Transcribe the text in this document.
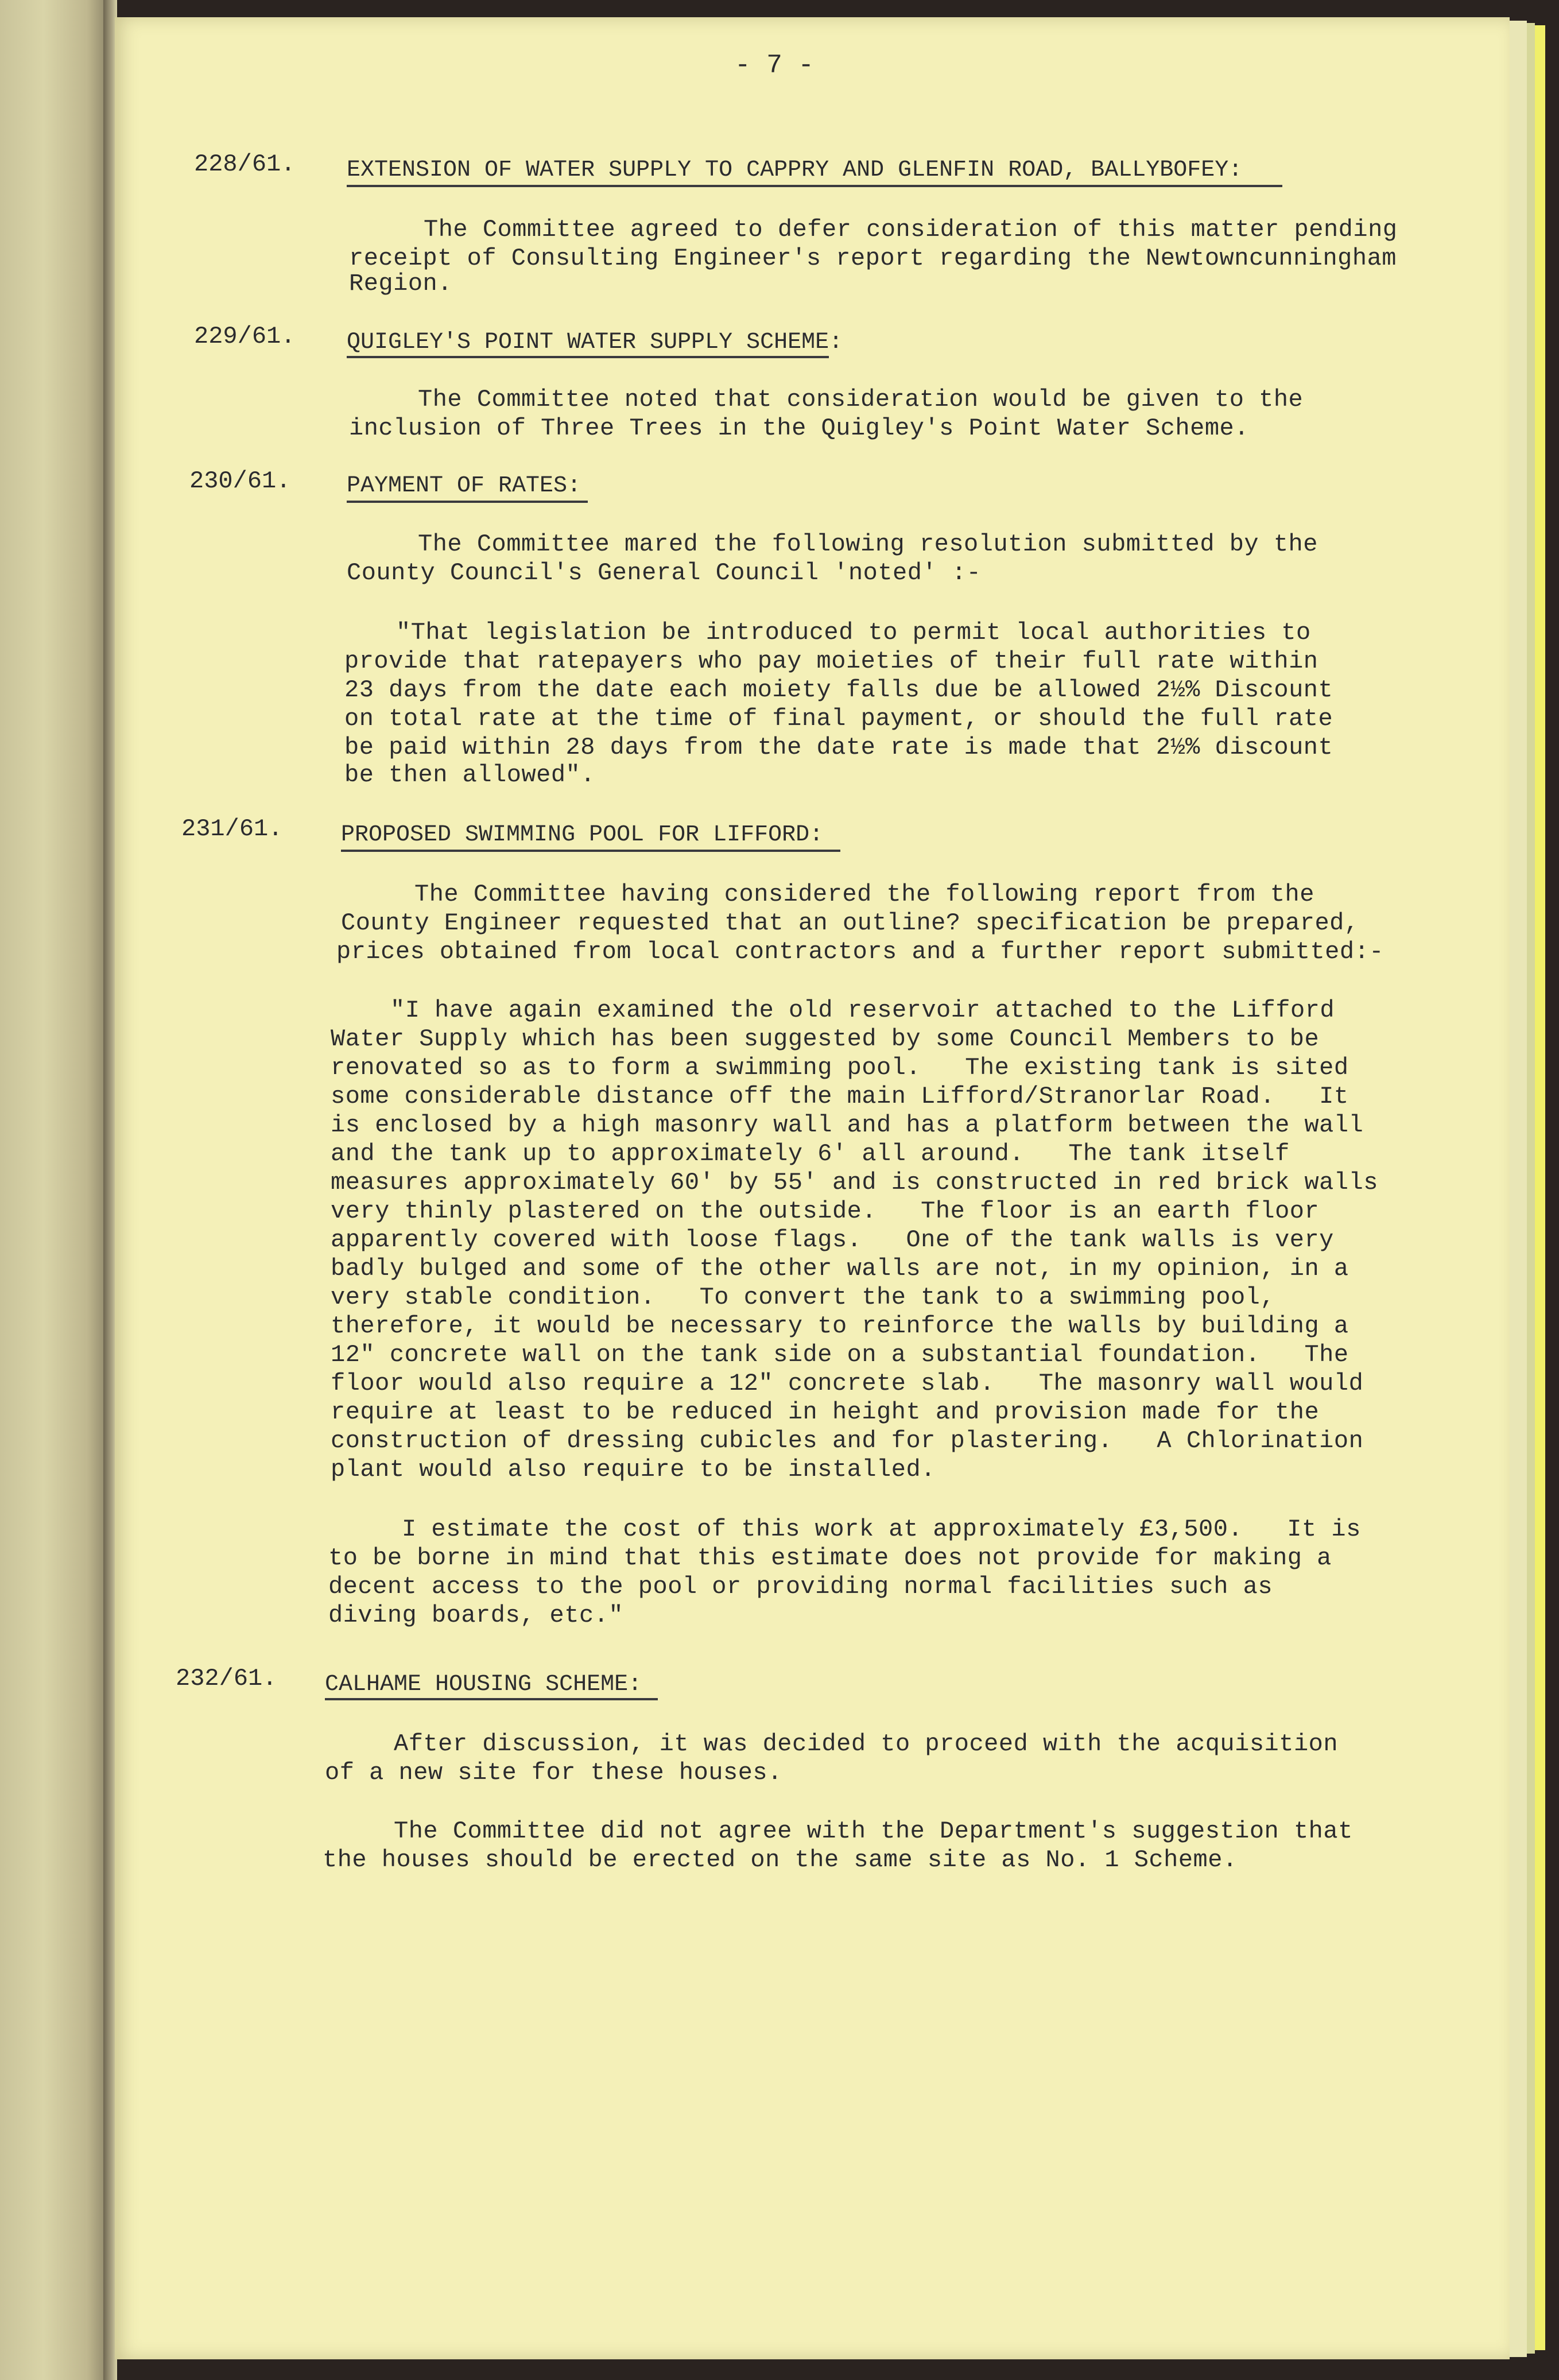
- 7 -
228/61. EXTENSION OF WATER SUPPLY TO CAPPRY AND GLENFIN ROAD, BALLYBOFEY:
The Committee agreed to defer consideration of this matter pending
receipt of Consulting Engineer's report regarding the Newtowncunningham
Region.
229/61. QUIGLEY'S POINT WATER SUPPLY SCHEME:
The Committee noted that consideration would be given to the
inclusion of Three Trees in the Quigley's Point Water Scheme.
230/61. PAYMENT OF RATES:
The Committee mared the following resolution submitted by the
County Council's General Council 'noted' :-
"That legislation be introduced to permit local authorities to
provide that ratepayers who pay moieties of their full rate within
23 days from the date each moiety falls due be allowed 2½% Discount
on total rate at the time of final payment, or should the full rate
be paid within 28 days from the date rate is made that 2½% discount
be then allowed".
231/61.	PROPOSED SWIMMING POOL FOR LIFFORD:
The Committee having considered the following report from the
County Engineer requested that an outline? specification be prepared,
prices obtained from local contractors and a further report submitted:-
"I have again examined the old reservoir attached to the Lifford
Water Supply which has been suggested by some Council Members to be
renovated so as to form a swimming pool.   The existing tank is sited
some considerable distance off the main Lifford/Stranorlar Road.   It
is enclosed by a high masonry wall and has a platform between the wall
and the tank up to approximately 6' all around.   The tank itself
measures approximately 60' by 55' and is constructed in red brick walls
very thinly plastered on the outside.   The floor is an earth floor
apparently covered with loose flags.   One of the tank walls is very
badly bulged and some of the other walls are not, in my opinion, in a
very stable condition.   To convert the tank to a swimming pool,
therefore, it would be necessary to reinforce the walls by building a
12" concrete wall on the tank side on a substantial foundation.   The
floor would also require a 12" concrete slab.   The masonry wall would
require at least to be reduced in height and provision made for the
construction of dressing cubicles and for plastering.   A Chlorination
plant would also require to be installed.
I estimate the cost of this work at approximately £3,500.   It is
to be borne in mind that this estimate does not provide for making a
decent access to the pool or providing normal facilities such as
diving boards, etc."
232/61. CALHAME HOUSING SCHEME:
After discussion, it was decided to proceed with the acquisition
of a new site for these houses.
The Committee did not agree with the Department's suggestion that
the houses should be erected on the same site as No. 1 Scheme.
